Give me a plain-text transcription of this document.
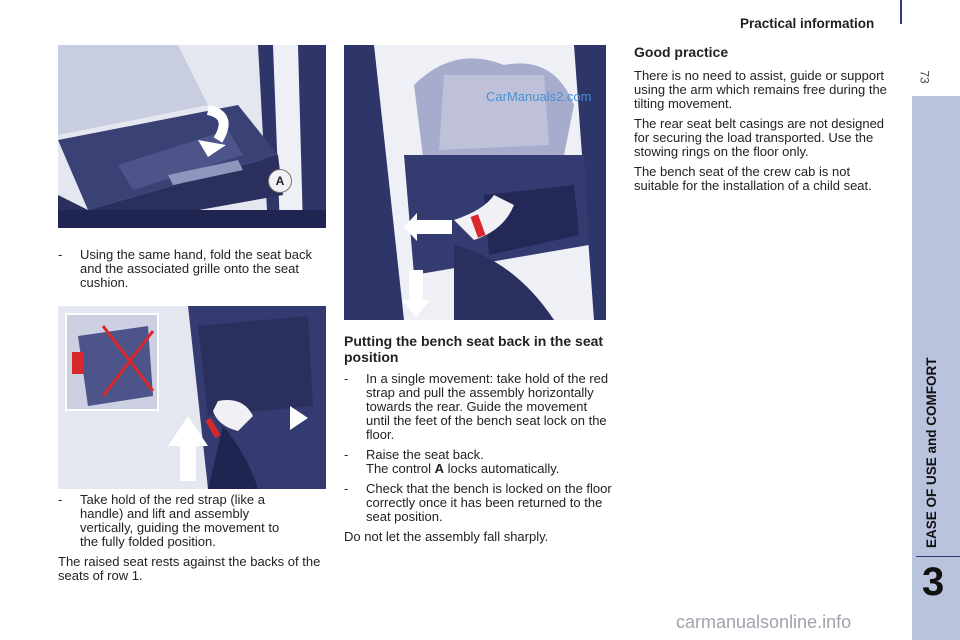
Practical information
73
EASE OF USE and COMFORT
3
A
CarManuals2.com
- Using the same hand, fold the seat back and the associated grille onto the seat cushion.
- Take hold of the red strap (like a handle) and lift and assembly vertically, guiding the movement to the fully folded position.
The raised seat rests against the backs of the seats of row 1.
Putting the bench seat back in the seat position
- In a single movement: take hold of the red strap and pull the assembly horizontally towards the rear. Guide the movement until the feet of the bench seat lock on the floor.
- Raise the seat back.
The control A locks automatically.
- Check that the bench is locked on the floor correctly once it has been returned to the seat position.
Do not let the assembly fall sharply.
Good practice
There is no need to assist, guide or support using the arm which remains free during the tilting movement.
The rear seat belt casings are not designed for securing the load transported. Use the stowing rings on the floor only.
The bench seat of the crew cab is not suitable for the installation of a child seat.
carmanualsonline.info
